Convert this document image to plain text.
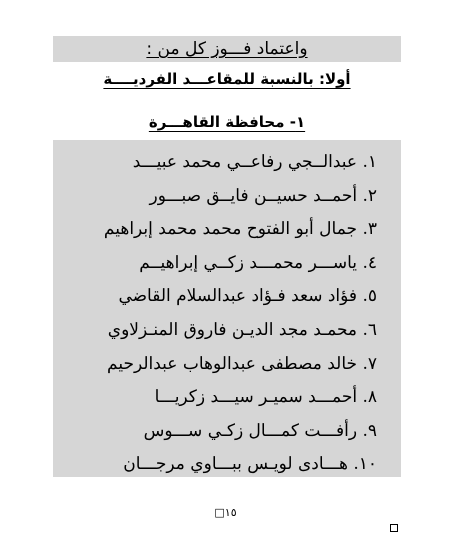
واعتماد فـــوز كل من :
أولا: بالنسبة للمقاعـــد الفرديــــة
١- محافظة القاهـــرة
١. عبدالــجي رفاعــي محمد عبيـــد
٢. أحمــد حسيــن فايــق صبـــور
٣. جمال أبو الفتوح محمد محمد إبراهيم
٤. ياســـر محمـــد زكــي إبراهيــم
٥. فؤاد سعد فـؤاد عبدالسلام القاضي
٦. محمـد مجد الديـن فاروق المنـزلاوي
٧. خالد مصطفى عبدالوهاب عبدالرحيم
٨. أحمـــد سميـر سيـــد زكريـــا
٩. رأفـــت كمـــال زكـي ســـوس
١٠. هـــادى لويـس ببـــاوي مرجـــان
□١٥
